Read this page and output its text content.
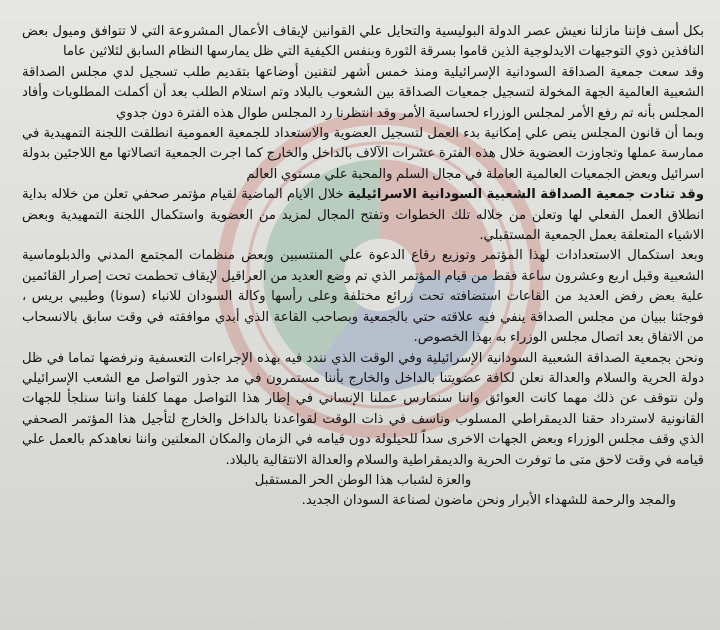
بكل أسف فإننا مازلنا نعيش عصر الدولة البوليسية والتحايل علي القوانين لإيقاف الأعمال المشروعة التي لا تتوافق وميول بعض النافذين ذوي التوجيهات الايدلوجية الذين قاموا بسرقة الثورة وبنفس الكيفية التي ظل يمارسها النظام السابق لثلاثين عاما

وقد سعت جمعية الصداقة السودانية الإسرائيلية ومنذ خمس أشهر لتقنين أوضاعها بتقديم طلب تسجيل لدي مجلس الصداقة الشعبية العالمية الجهة المخولة لتسجيل جمعيات الصداقة بين الشعوب بالبلاد وتم استلام الطلب بعد أن أكملت المطلوبات وأفاد المجلس بأنه تم رفع الأمر لمجلس الوزراء لحساسية الأمر وقد انتظرنا رد المجلس طوال هذه الفترة دون جدوي

وبما أن قانون المجلس ينص علي إمكانية بدء العمل لتسجيل العضوية والاستعداد للجمعية العمومية انطلقت اللجنة التمهيدية في ممارسة عملها وتجاوزت العضوية خلال هذه الفترة عشرات الآلاف بالداخل والخارج كما اجرت الجمعية اتصالاتها مع اللاجئين بدولة اسرائيل وبعض الجمعيات العالمية العاملة في مجال السلم والمحبة علي مستوي العالم

وقد تنادت جمعية الصداقة الشعبية السودانية الاسرائيلية خلال الايام الماضية لقيام مؤتمر صحفي تعلن من خلاله بداية انطلاق العمل الفعلي لها وتعلن من خلاله تلك الخطوات وتفتح المجال لمزيد من العضوية واستكمال اللجنة التمهيدية وبعض الاشياء المتعلقة بعمل الجمعية المستقبلي.

وبعد استكمال الاستعدادات لهذا المؤتمر وتوزيع رقاع الدعوة علي المنتسبين وبعض منظمات المجتمع المدني والدبلوماسية الشعبية وقبل اربع وعشرون ساعة فقط من قيام المؤتمر الذي تم وضع العديد من العراقيل لإيقاف تحطمت تحت إصرار القائمين علية بعض رفض العديد من القاعات استضافته تحت زرائع مختلفة وعلى رأسها وكالة السودان للانباء (سونا) وطيبي بريس ، فوجئنا ببيان من مجلس الصداقة ينفي فيه علاقته حتي بالجمعية وبصاحب القاعة الذي أبدي موافقته في وقت سابق بالانسحاب من الاتفاق بعد اتصال مجلس الوزراء به بهذا الخصوص.

ونحن بجمعية الصداقة الشعبية السودانية الإسرائيلية وفي الوقت الذي نندد فيه بهذه الإجراءات التعسفية ونرفضها تماما في ظل دولة الحرية والسلام والعدالة نعلن لكافة عضويتنا بالداخل والخارج بأننا مستمرون في مد جذور التواصل مع الشعب الإسرائيلي ولن نتوقف عن ذلك مهما كانت العوائق واننا سنمارس عملنا الإنساني في إطار هذا التواصل مهما كلفنا واننا سنلجأ للجهات القانونية لاسترداد حقنا الديمقراطي المسلوب وناسف في ذات الوقت لقواعدنا بالداخل والخارج لتأجيل هذا المؤتمر الصحفي الذي وقف مجلس الوزراء وبعض الجهات الاخرى سداً للحيلولة دون قيامه في الزمان والمكان المعلنين واننا نعاهدكم بالعمل علي قيامه في وقت لاحق متى ما توفرت الحرية والديمقراطية والسلام والعدالة الانتقالية بالبلاد.

والعزة لشباب هذا الوطن الحر المستقبل

والمجد والرحمة للشهداء الأبرار ونحن ماضون لصناعة السودان الجديد.
